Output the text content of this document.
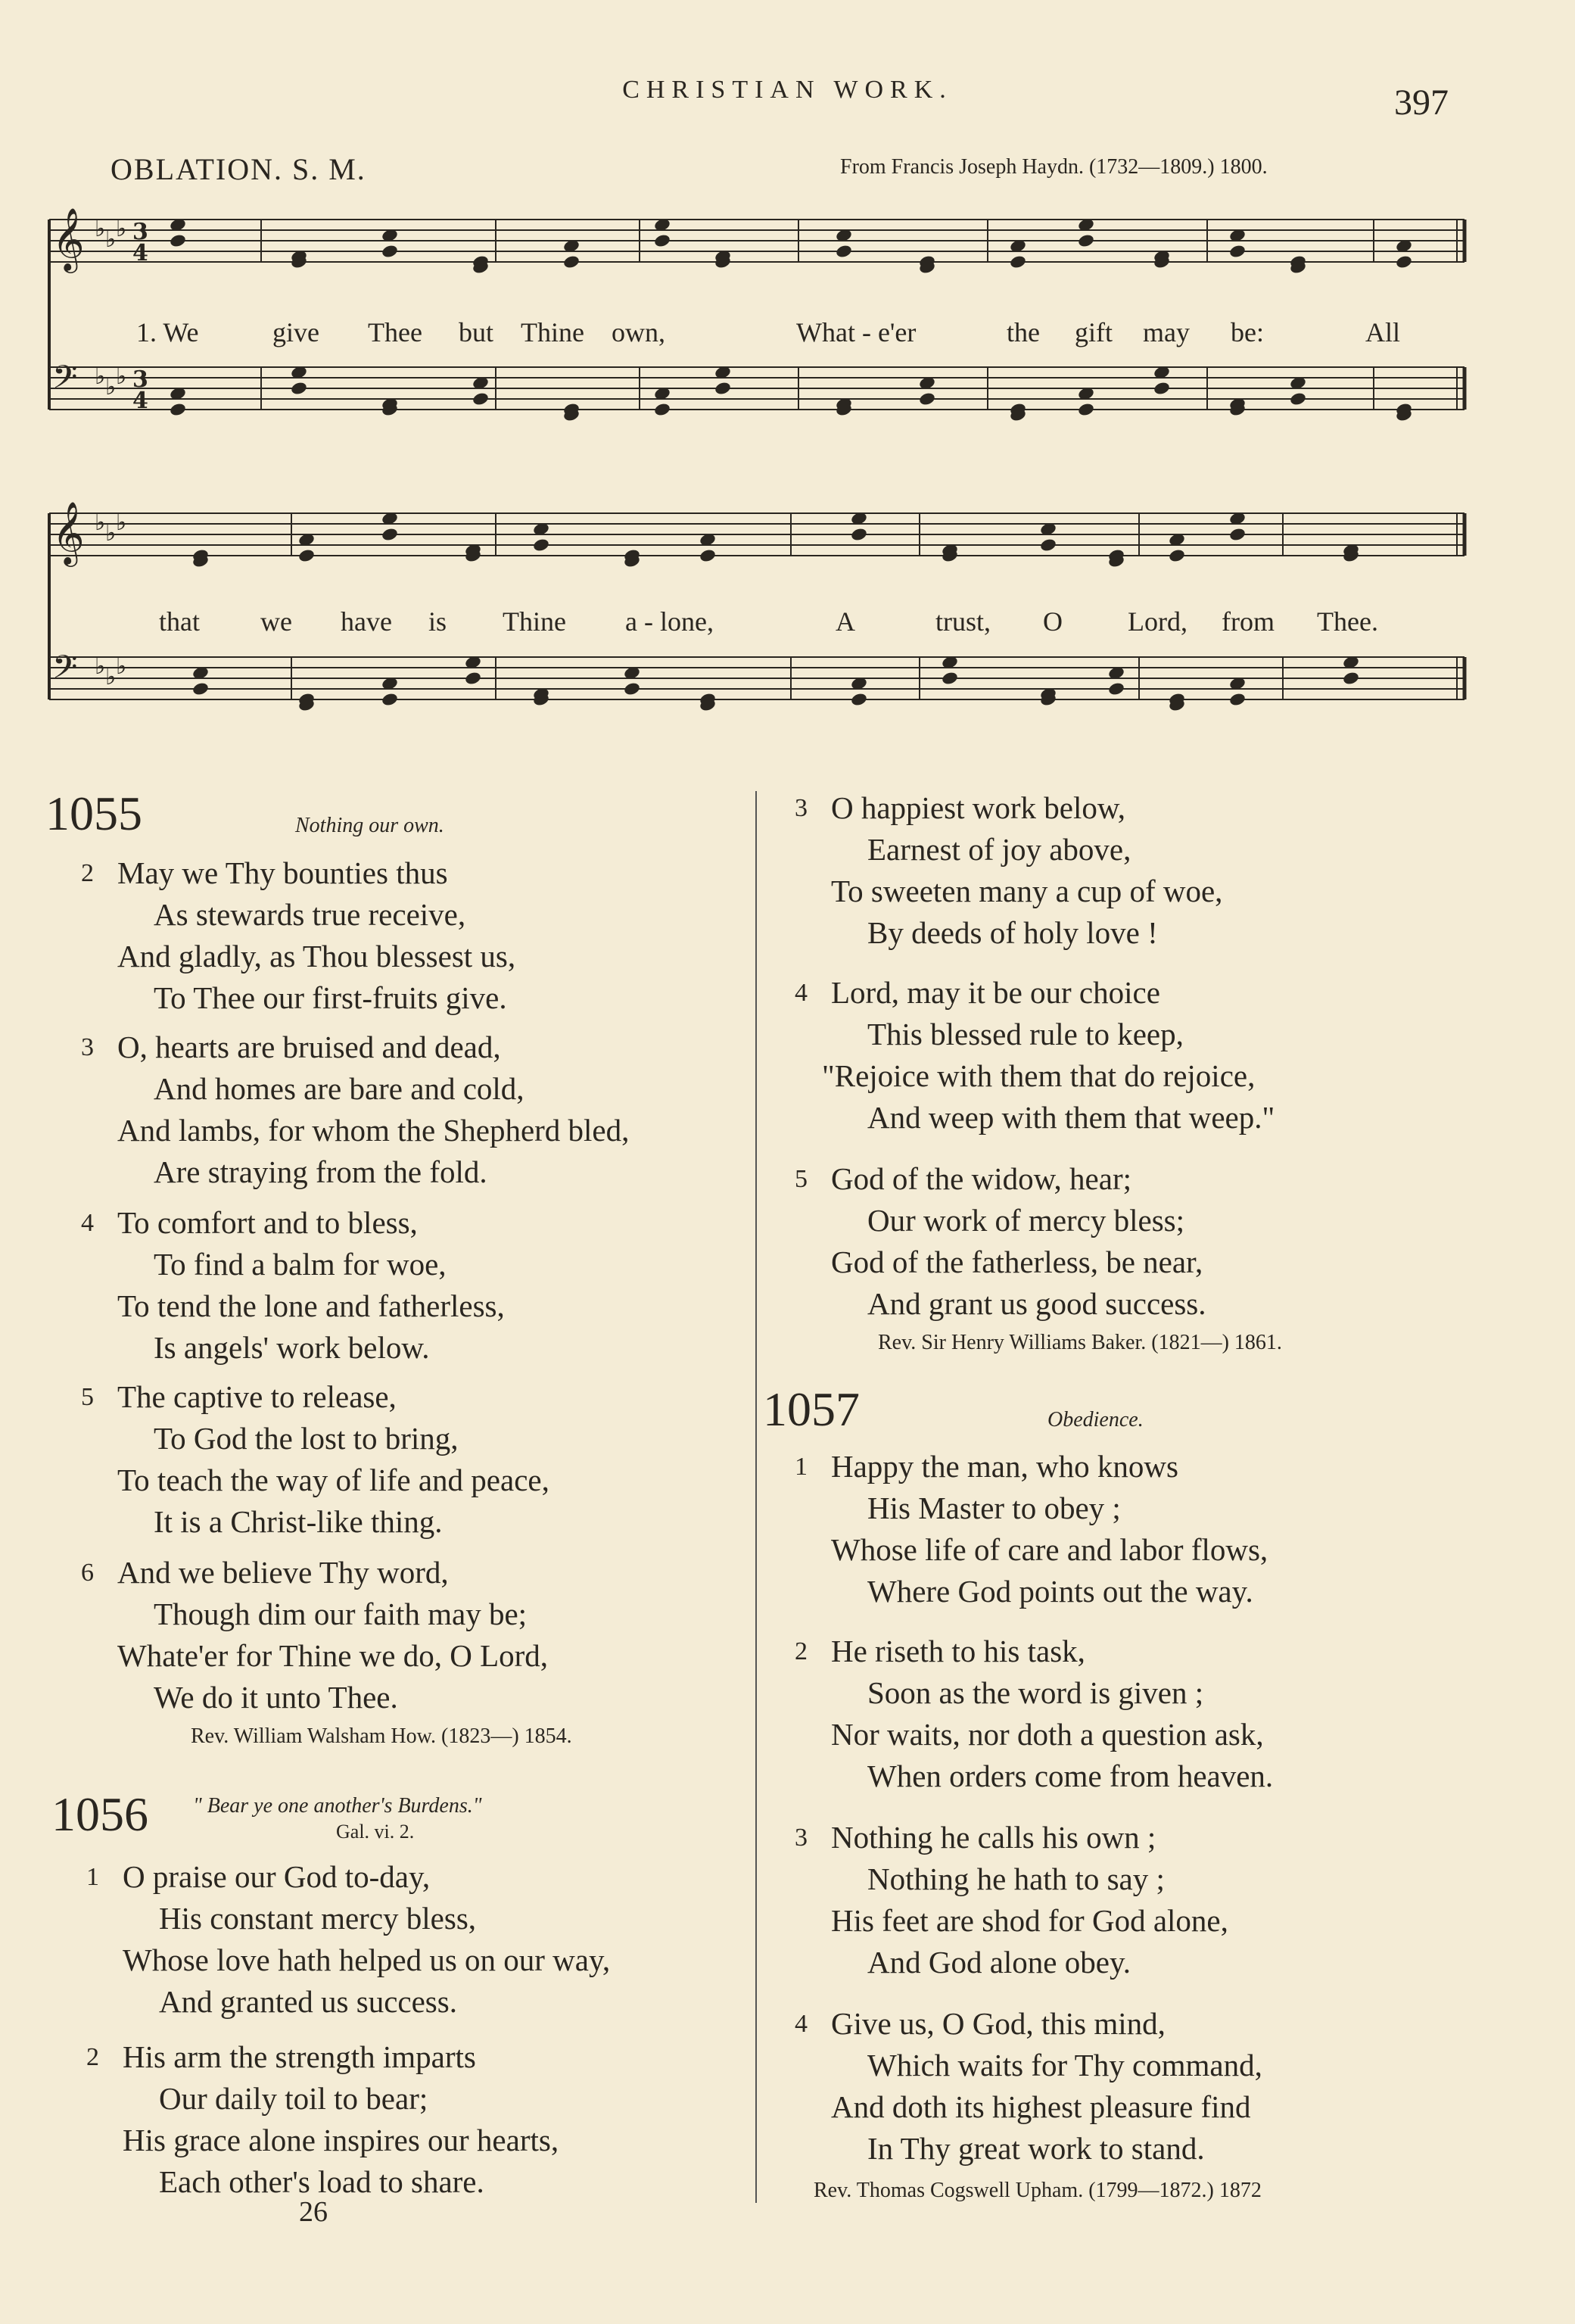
CHRISTIAN WORK.	397
OBLATION. S. M.	From Francis Joseph Haydn. (1732—1809.) 1800.
𝄞 ♭ ♭ ♭ 3
4
𝄢 ♭ ♭ ♭ 3
4
𝄞 ♭ ♭ ♭
𝄢 ♭ ♭ ♭
1. We	give Thee but Thine own,	What - e'er	the gift may be:	All
that we have is Thine a - lone,	A	trust, O Lord, from Thee.
1055	Nothing our own.
2 May we Thy bounties thus
As stewards true receive,
And gladly, as Thou blessest us,
To Thee our first-fruits give.
3 O, hearts are bruised and dead,
And homes are bare and cold,
And lambs, for whom the Shepherd bled,
Are straying from the fold.
4 To comfort and to bless,
To find a balm for woe,
To tend the lone and fatherless,
Is angels' work below.
5 The captive to release,
To God the lost to bring,
To teach the way of life and peace,
It is a Christ-like thing.
6 And we believe Thy word,
Though dim our faith may be;
Whate'er for Thine we do, O Lord,
We do it unto Thee.
Rev. William Walsham How. (1823—) 1854.
1056 " Bear ye one another's Burdens."
Gal. vi. 2.
1 O praise our God to-day,
His constant mercy bless,
Whose love hath helped us on our way,
And granted us success.
2 His arm the strength imparts
Our daily toil to bear;
His grace alone inspires our hearts,
Each other's load to share.
26
3 O happiest work below,
Earnest of joy above,
To sweeten many a cup of woe,
By deeds of holy love !
4 Lord, may it be our choice
This blessed rule to keep,
"Rejoice with them that do rejoice,
And weep with them that weep."
5 God of the widow, hear;
Our work of mercy bless;
God of the fatherless, be near,
And grant us good success.
Rev. Sir Henry Williams Baker. (1821—) 1861.
1057	Obedience.
1 Happy the man, who knows
His Master to obey ;
Whose life of care and labor flows,
Where God points out the way.
2 He riseth to his task,
Soon as the word is given ;
Nor waits, nor doth a question ask,
When orders come from heaven.
3 Nothing he calls his own ;
Nothing he hath to say ;
His feet are shod for God alone,
And God alone obey.
4 Give us, O God, this mind,
Which waits for Thy command,
And doth its highest pleasure find
In Thy great work to stand.
Rev. Thomas Cogswell Upham. (1799—1872.) 1872
